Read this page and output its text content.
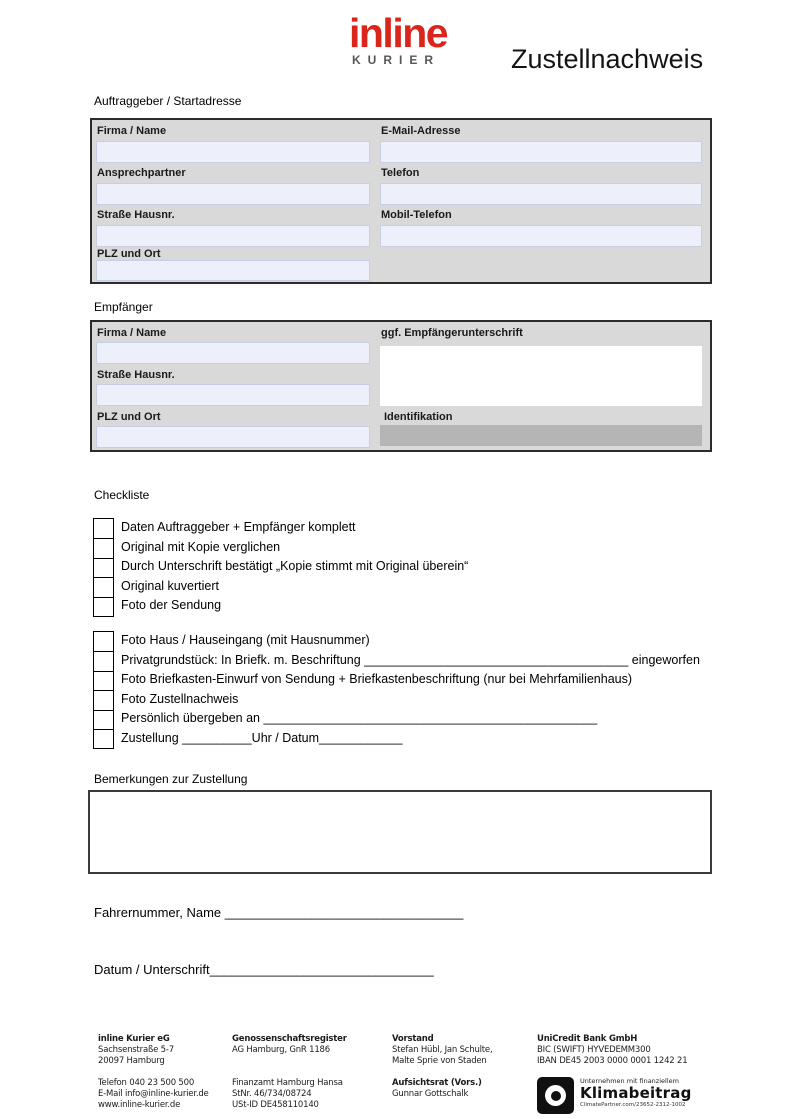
inline
KURIER	Zustellnachweis
Auftraggeber / Startadresse
Firma / Name
Ansprechpartner
Straße Hausnr.
PLZ und Ort
E-Mail-Adresse
Telefon
Mobil-Telefon
Empfänger
Firma / Name
Straße Hausnr.
PLZ und Ort
ggf. Empfängerunterschrift
Identifikation
Checkliste
Daten Auftraggeber + Empfänger komplett
Original mit Kopie verglichen
Durch Unterschrift bestätigt „Kopie stimmt mit Original überein“
Original kuvertiert
Foto der Sendung
Foto Haus / Hauseingang (mit Hausnummer)
Privatgrundstück: In Briefk. m. Beschriftung ______________________________________ eingeworfen
Foto Briefkasten-Einwurf von Sendung + Briefkastenbeschriftung (nur bei Mehrfamilienhaus)
Foto Zustellnachweis
Persönlich übergeben an ________________________________________________
Zustellung __________Uhr / Datum____________
Bemerkungen zur Zustellung
Fahrernummer, Name _________________________________
Datum / Unterschrift_______________________________
inline Kurier eG
Sachsenstraße 5-7
20097 Hamburg
Telefon 040 23 500 500
E-Mail info@inline-kurier.de
www.inline-kurier.de
Genossenschaftsregister
AG Hamburg, GnR 1186
Finanzamt Hamburg Hansa
StNr. 46/734/08724
USt-ID DE458110140
Vorstand
Stefan Hübl, Jan Schulte,
Malte Sprie von Staden
Aufsichtsrat (Vors.)
Gunnar Gottschalk
UniCredit Bank GmbH
BIC (SWIFT) HYVEDEMM300
IBAN DE45 2003 0000 0001 1242 21
Unternehmen mit finanziellem
Klimabeitrag
ClimatePartner.com/23652-2312-1002
